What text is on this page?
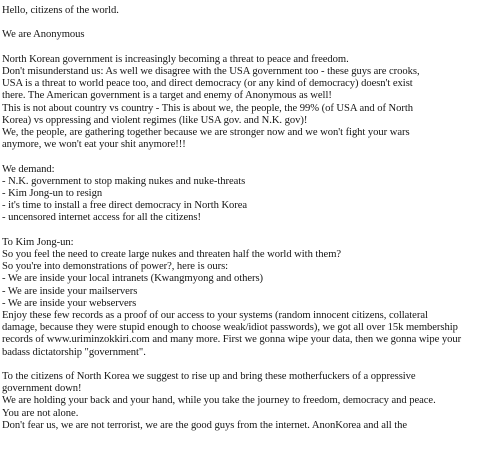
Hello, citizens of the world.
We are Anonymous
North Korean government is increasingly becoming a threat to peace and freedom.
Don't misunderstand us: As well we disagree with the USA government too - these guys are crooks,
USA is a threat to world peace too, and direct democracy (or any kind of democracy) doesn't exist
there. The American government is a target and enemy of Anonymous as well!
This is not about country vs country - This is about we, the people, the 99% (of USA and of North
Korea) vs oppressing and violent regimes (like USA gov. and N.K. gov)!
We, the people, are gathering together because we are stronger now and we won't fight your wars
anymore, we won't eat your shit anymore!!!
We demand:
- N.K. government to stop making nukes and nuke-threats
- Kim Jong-un to resign
- it's time to install a free direct democracy in North Korea
- uncensored internet access for all the citizens!
To Kim Jong-un:
So you feel the need to create large nukes and threaten half the world with them?
So you're into demonstrations of power?, here is ours:
- We are inside your local intranets (Kwangmyong and others)
- We are inside your mailservers
- We are inside your webservers
Enjoy these few records as a proof of our access to your systems (random innocent citizens, collateral
damage, because they were stupid enough to choose weak/idiot passwords), we got all over 15k membership
records of www.uriminzokkiri.com and many more. First we gonna wipe your data, then we gonna wipe your
badass dictatorship "government".
To the citizens of North Korea we suggest to rise up and bring these motherfuckers of a oppressive
government down!
We are holding your back and your hand, while you take the journey to freedom, democracy and peace.
You are not alone.
Don't fear us, we are not terrorist, we are the good guys from the internet. AnonKorea and all the
